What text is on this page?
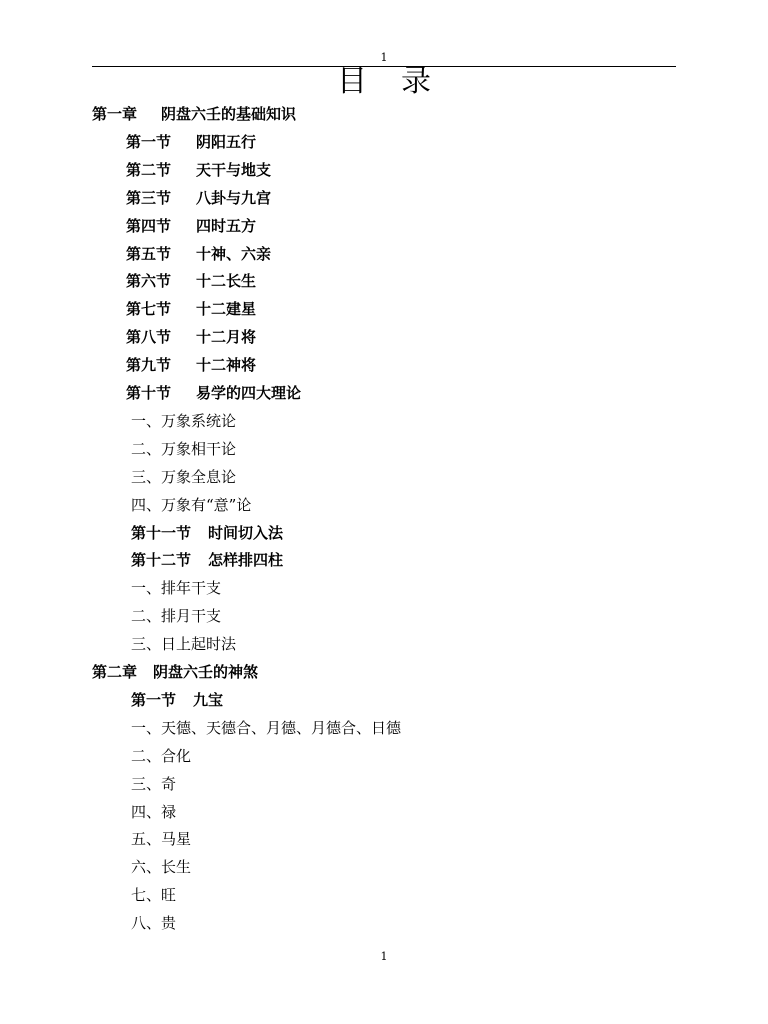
1
目 录
第一章 阴盘六壬的基础知识
第一节 阴阳五行
第二节 天干与地支
第三节 八卦与九宫
第四节 四时五方
第五节 十神、六亲
第六节 十二长生
第七节 十二建星
第八节 十二月将
第九节 十二神将
第十节 易学的四大理论
一、万象系统论
二、万象相干论
三、万象全息论
四、万象有“意”论
第十一节 时间切入法
第十二节 怎样排四柱
一、排年干支
二、排月干支
三、日上起时法
第二章 阴盘六壬的神煞
第一节 九宝
一、天德、天德合、月德、月德合、日德
二、合化
三、奇
四、禄
五、马星
六、长生
七、旺
八、贵
1
